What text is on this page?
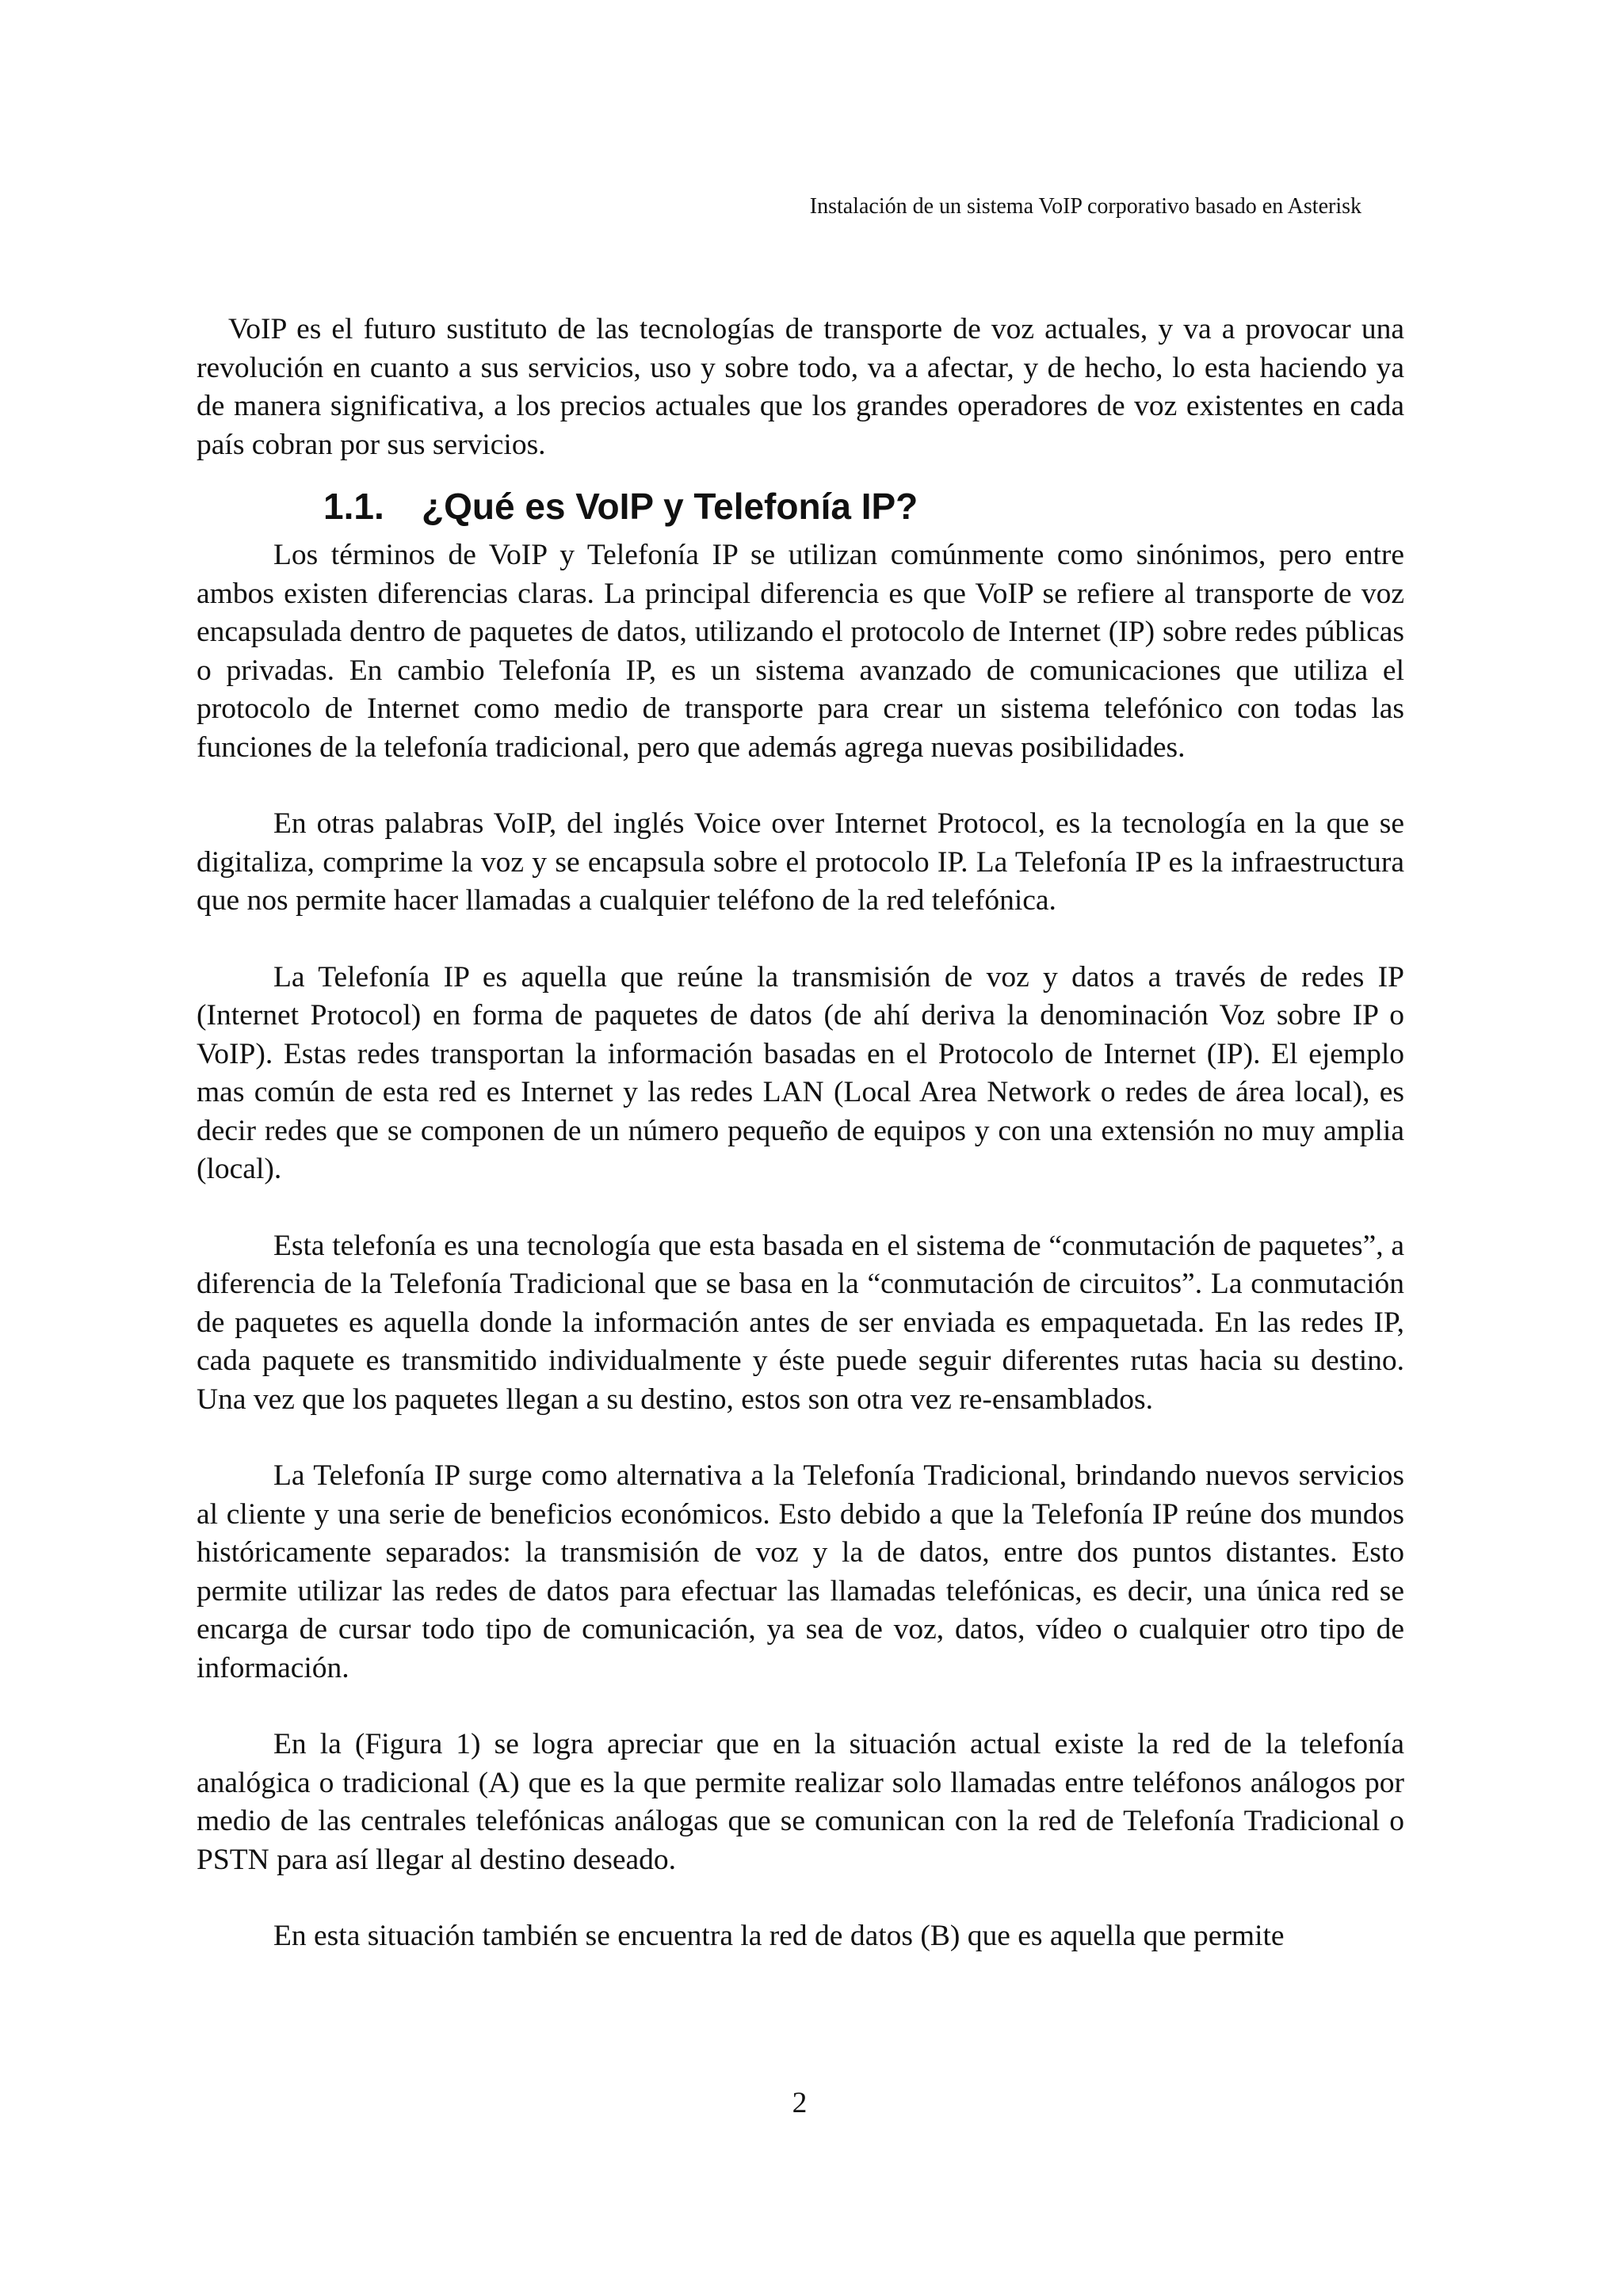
Instalación de un sistema VoIP corporativo basado en Asterisk

VoIP es el futuro sustituto de las tecnologías de transporte de voz actuales, y va a provocar una revolución en cuanto a sus servicios, uso y sobre todo, va a afectar, y de hecho, lo esta haciendo ya de manera significativa, a los precios actuales que los grandes operadores de voz existentes en cada país cobran por sus servicios.

1.1. ¿Qué es VoIP y Telefonía IP?

Los términos de VoIP y Telefonía IP se utilizan comúnmente como sinónimos, pero entre ambos existen diferencias claras. La principal diferencia es que VoIP se refiere al transporte de voz encapsulada dentro de paquetes de datos, utilizando el protocolo de Internet (IP) sobre redes públicas o privadas. En cambio Telefonía IP, es un sistema avanzado de comunicaciones que utiliza el protocolo de Internet como medio de transporte para crear un sistema telefónico con todas las funciones de la telefonía tradicional, pero que además agrega nuevas posibilidades.

En otras palabras VoIP, del inglés Voice over Internet Protocol, es la tecnología en la que se digitaliza, comprime la voz y se encapsula sobre el protocolo IP. La Telefonía IP es la infraestructura que nos permite hacer llamadas a cualquier teléfono de la red telefónica.

La Telefonía IP es aquella que reúne la transmisión de voz y datos a través de redes IP (Internet Protocol) en forma de paquetes de datos (de ahí deriva la denominación Voz sobre IP o VoIP). Estas redes transportan la información basadas en el Protocolo de Internet (IP). El ejemplo mas común de esta red es Internet y las redes LAN (Local Area Network o redes de área local), es decir redes que se componen de un número pequeño de equipos y con una extensión no muy amplia (local).

Esta telefonía es una tecnología que esta basada en el sistema de “conmutación de paquetes”, a diferencia de la Telefonía Tradicional que se basa en la “conmutación de circuitos”. La conmutación de paquetes es aquella donde la información antes de ser enviada es empaquetada. En las redes IP, cada paquete es transmitido individualmente y éste puede seguir diferentes rutas hacia su destino. Una vez que los paquetes llegan a su destino, estos son otra vez re-ensamblados.

La Telefonía IP surge como alternativa a la Telefonía Tradicional, brindando nuevos servicios al cliente y una serie de beneficios económicos. Esto debido a que la Telefonía IP reúne dos mundos históricamente separados: la transmisión de voz y la de datos, entre dos puntos distantes. Esto permite utilizar las redes de datos para efectuar las llamadas telefónicas, es decir, una única red se encarga de cursar todo tipo de comunicación, ya sea de voz, datos, vídeo o cualquier otro tipo de información.

En la (Figura 1) se logra apreciar que en la situación actual existe la red de la telefonía analógica o tradicional (A) que es la que permite realizar solo llamadas entre teléfonos análogos por medio de las centrales telefónicas análogas que se comunican con la red de Telefonía Tradicional o PSTN para así llegar al destino deseado.

En esta situación también se encuentra la red de datos (B) que es aquella que permite

2
